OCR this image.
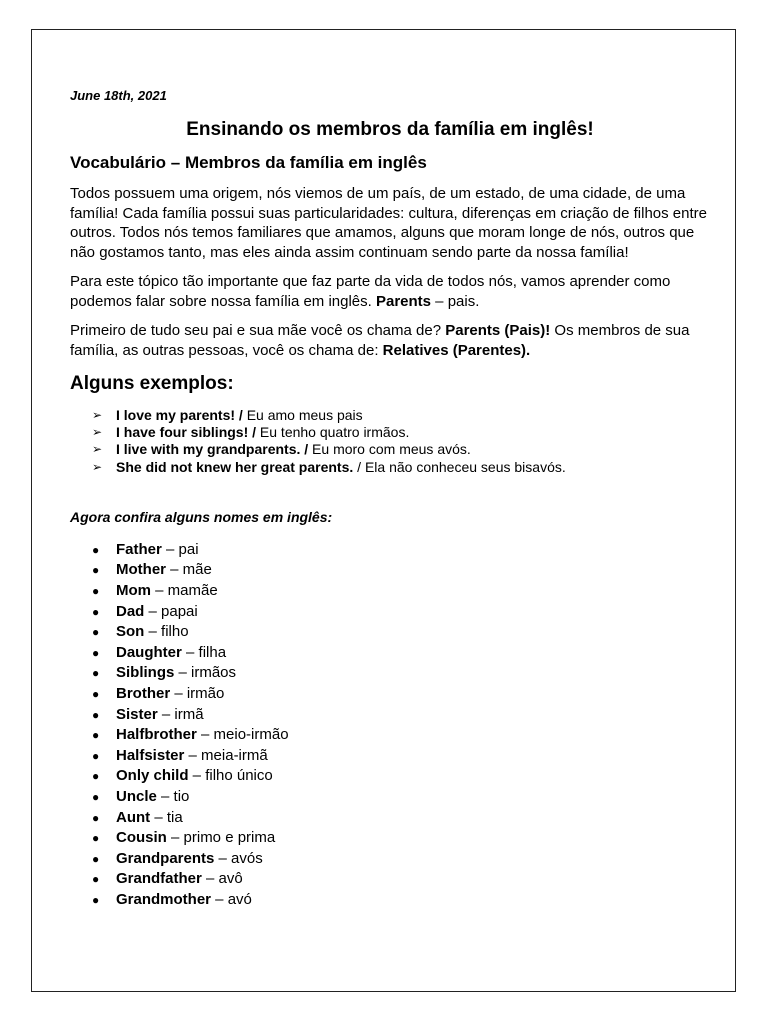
June 18th, 2021

Ensinando os membros da família em inglês!
Vocabulário – Membros da família em inglês

Todos possuem uma origem, nós viemos de um país, de um estado, de uma cidade, de uma família! Cada família possui suas particularidades: cultura, diferenças em criação de filhos entre outros. Todos nós temos familiares que amamos, alguns que moram longe de nós, outros que não gostamos tanto, mas eles ainda assim continuam sendo parte da nossa família!

Para este tópico tão importante que faz parte da vida de todos nós, vamos aprender como podemos falar sobre nossa família em inglês. Parents – pais.

Primeiro de tudo seu pai e sua mãe você os chama de? Parents (Pais)! Os membros de sua família, as outras pessoas, você os chama de: Relatives (Parentes).

Alguns exemplos:
➢ I love my parents! / Eu amo meus pais
➢ I have four siblings! / Eu tenho quatro irmãos.
➢ I live with my grandparents. / Eu moro com meus avós.
➢ She did not knew her great parents. / Ela não conheceu seus bisavós.

Agora confira alguns nomes em inglês:

● Father – pai
● Mother – mãe
● Mom – mamãe
● Dad – papai
● Son – filho
● Daughter – filha
● Siblings – irmãos
● Brother – irmão
● Sister – irmã
● Halfbrother – meio-irmão
● Halfsister – meia-irmã
● Only child – filho único
● Uncle – tio
● Aunt – tia
● Cousin – primo e prima
● Grandparents – avós
● Grandfather – avô
● Grandmother – avó
